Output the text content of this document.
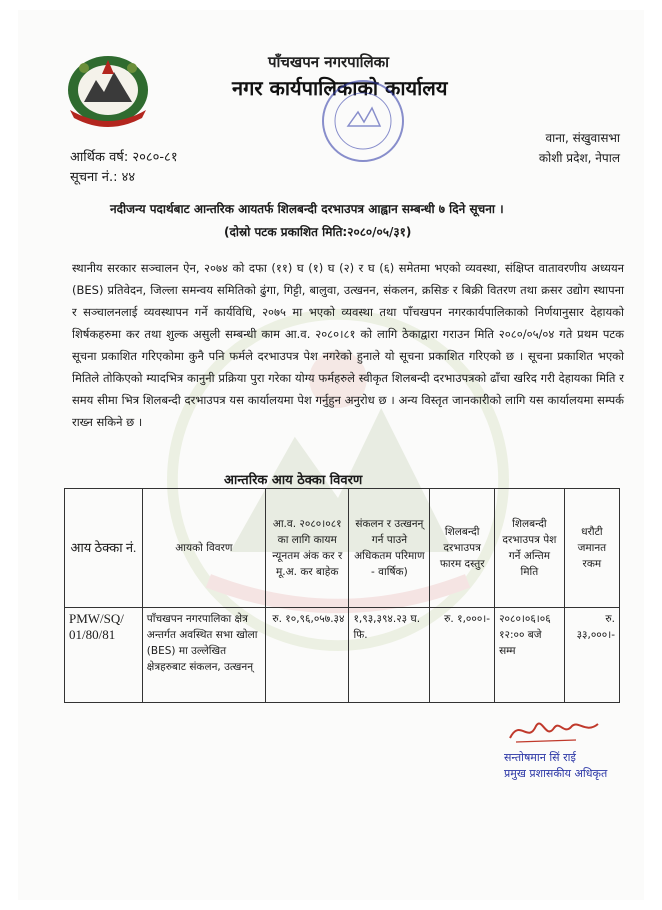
पाँचखपन नगरपालिका
नगर कार्यपालिकाको कार्यालय
आर्थिक वर्ष: २०८०-८१
सूचना नं.: ४४
वाना, संखुवासभा
कोशी प्रदेश, नेपाल
नदीजन्य पदार्थबाट आन्तरिक आयतर्फ शिलबन्दी दरभाउपत्र आह्वान सम्बन्धी ७ दिने सूचना ।
(दोस्रो पटक प्रकाशित मिति:२०८०/०५/३१)
स्थानीय सरकार सञ्चालन ऐन, २०७४ को दफा (११) घ (१) घ (२) र घ (६) समेतमा भएको व्यवस्था, संक्षिप्त वातावरणीय अध्ययन (BES) प्रतिवेदन, जिल्ला समन्वय समितिको ढुंगा, गिट्टी, बालुवा, उत्खनन, संकलन, क्रसिङ र बिक्री वितरण तथा क्रसर उद्योग स्थापना र सञ्चालनलाई व्यवस्थापन गर्ने कार्यविधि, २०७५ मा भएको व्यवस्था तथा पाँचखपन नगरकार्यपालिकाको निर्णयानुसार देहायको शिर्षकहरुमा कर तथा शुल्क असुली सम्बन्धी काम आ.व. २०८०।८१ को लागि ठेकाद्वारा गराउन मिति २०८०/०५/०४ गते प्रथम पटक सूचना प्रकाशित गरिएकोमा कुनै पनि फर्मले दरभाउपत्र पेश नगरेको हुनाले यो सूचना प्रकाशित गरिएको छ । सूचना प्रकाशित भएको मितिले तोकिएको म्यादभित्र कानुनी प्रक्रिया पुरा गरेका योग्य फर्महरुले स्वीकृत शिलबन्दी दरभाउपत्रको ढाँचा खरिद गरी देहायका मिति र समय सीमा भित्र शिलबन्दी दरभाउपत्र यस कार्यालयमा पेश गर्नुहुन अनुरोध छ । अन्य विस्तृत जानकारीको लागि यस कार्यालयमा सम्पर्क राख्न सकिने छ ।
आन्तरिक आय ठेक्का विवरण
आय ठेक्का नं.	आयको विवरण	आ.व. २०८०।०८१ का लागि कायम न्यूनतम अंक कर र मू.अ. कर बाहेक	संकलन र उत्खनन् गर्न पाउने अधिकतम परिमाण - वार्षिक)	शिलबन्दी दरभाउपत्र फारम दस्तुर	शिलबन्दी दरभाउपत्र पेश गर्ने अन्तिम मिति	धरौटी जमानत रकम
PMW/SQ/ 01/80/81	पाँचखपन नगरपालिका क्षेत्र अन्तर्गत अवस्थित सभा खोला (BES) मा उल्लेखित क्षेत्रहरुबाट संकलन, उत्खनन्	रु. १०,९६,०५७.३४	१,९३,३९४.२३ घ. फि.	रु. १,०००।-	२०८०।०६।०६ १२:०० बजे सम्म	रु. ३३,०००।-
सन्तोषमान सिं राई
प्रमुख प्रशासकीय अधिकृत
